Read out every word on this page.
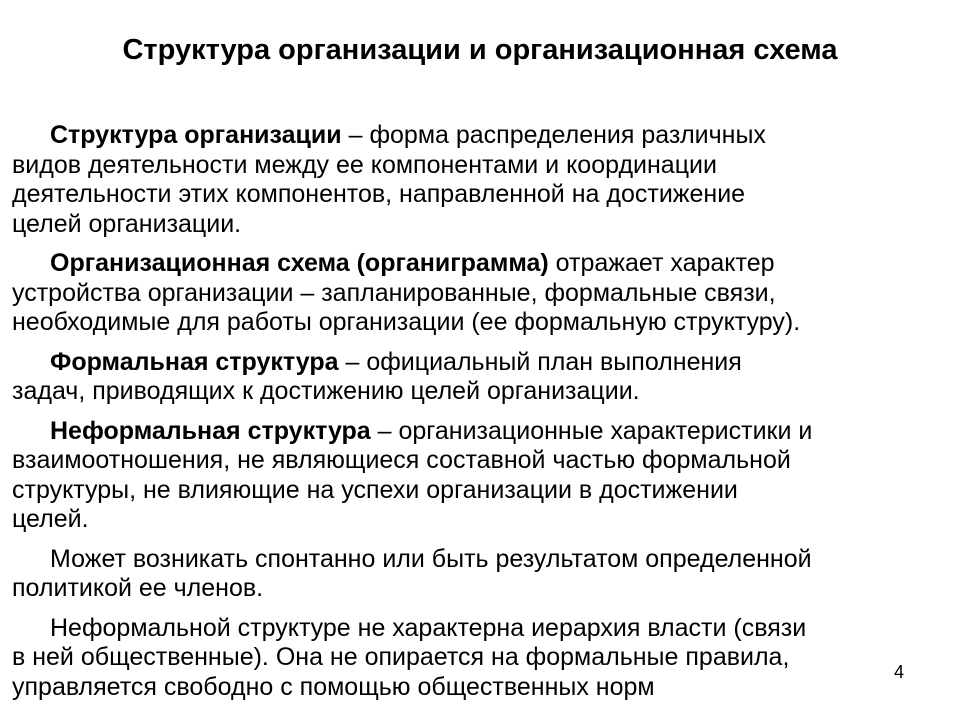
Структура организации и организационная схема

Структура организации – форма распределения различных
видов деятельности между ее компонентами и координации
деятельности этих компонентов, направленной на достижение
целей организации.

Организационная схема (органиграмма) отражает характер
устройства организации – запланированные, формальные связи,
необходимые для работы организации (ее формальную структуру).

Формальная структура – официальный план выполнения
задач, приводящих к достижению целей организации.

Неформальная структура – организационные характеристики и
взаимоотношения, не являющиеся составной частью формальной
структуры, не влияющие на успехи организации в достижении
целей.

Может возникать спонтанно или быть результатом определенной
политикой ее членов.

Неформальной структуре не характерна иерархия власти (связи
в ней общественные). Она не опирается на формальные правила,
управляется свободно с помощью общественных норм

4
